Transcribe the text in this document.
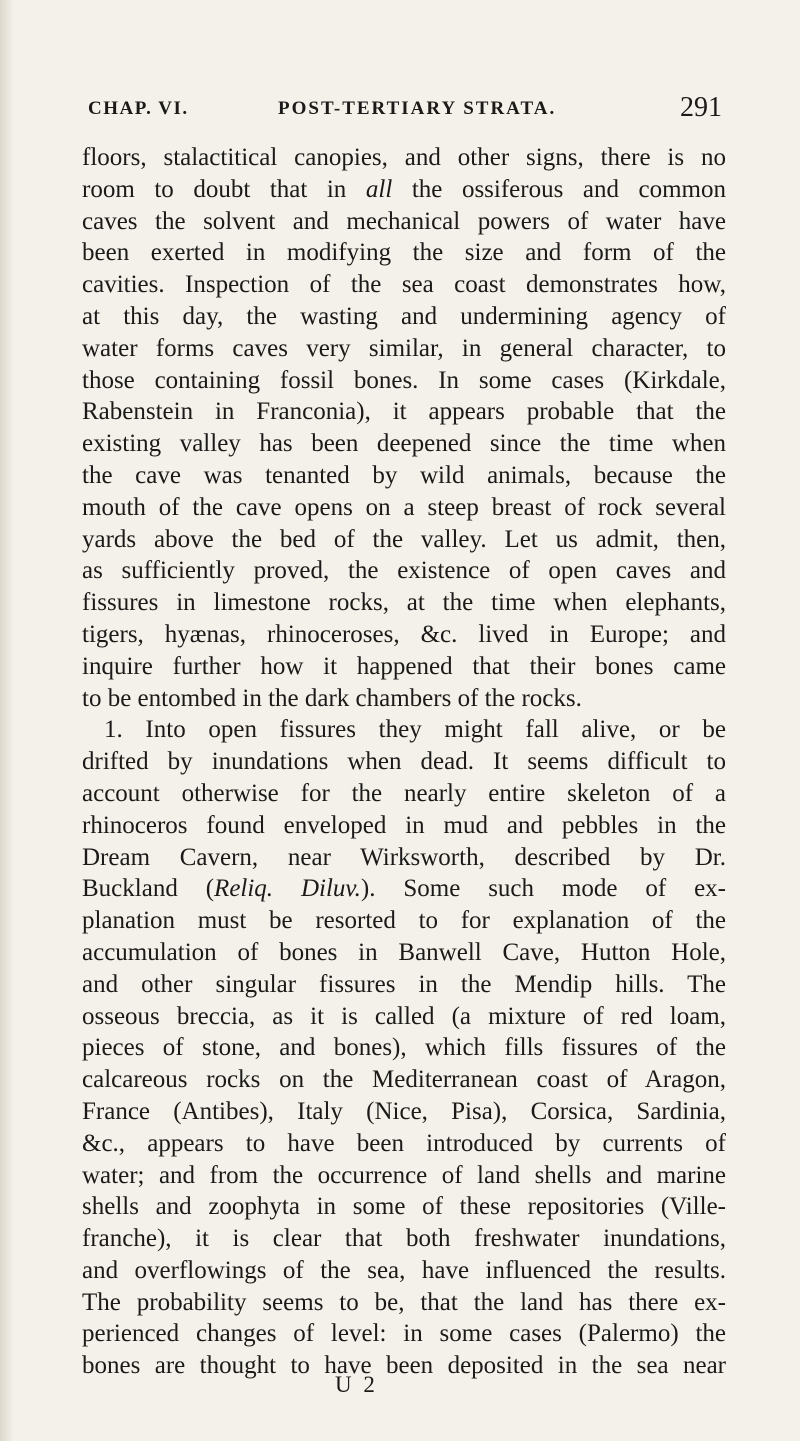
CHAP. VI.	POST-TERTIARY STRATA.	291
floors, stalactitical canopies, and other signs, there is no
room to doubt that in all the ossiferous and common
caves the solvent and mechanical powers of water have
been exerted in modifying the size and form of the
cavities. Inspection of the sea coast demonstrates how,
at this day, the wasting and undermining agency of
water forms caves very similar, in general character, to
those containing fossil bones. In some cases (Kirkdale,
Rabenstein in Franconia), it appears probable that the
existing valley has been deepened since the time when
the cave was tenanted by wild animals, because the
mouth of the cave opens on a steep breast of rock several
yards above the bed of the valley. Let us admit, then,
as sufficiently proved, the existence of open caves and
fissures in limestone rocks, at the time when elephants,
tigers, hyænas, rhinoceroses, &c. lived in Europe; and
inquire further how it happened that their bones came
to be entombed in the dark chambers of the rocks.
1. Into open fissures they might fall alive, or be
drifted by inundations when dead. It seems difficult to
account otherwise for the nearly entire skeleton of a
rhinoceros found enveloped in mud and pebbles in the
Dream Cavern, near Wirksworth, described by Dr.
Buckland (Reliq. Diluv.). Some such mode of ex-
planation must be resorted to for explanation of the
accumulation of bones in Banwell Cave, Hutton Hole,
and other singular fissures in the Mendip hills. The
osseous breccia, as it is called (a mixture of red loam,
pieces of stone, and bones), which fills fissures of the
calcareous rocks on the Mediterranean coast of Aragon,
France (Antibes), Italy (Nice, Pisa), Corsica, Sardinia,
&c., appears to have been introduced by currents of
water; and from the occurrence of land shells and marine
shells and zoophyta in some of these repositories (Ville-
franche), it is clear that both freshwater inundations,
and overflowings of the sea, have influenced the results.
The probability seems to be, that the land has there ex-
perienced changes of level: in some cases (Palermo) the
bones are thought to have been deposited in the sea near
U 2
